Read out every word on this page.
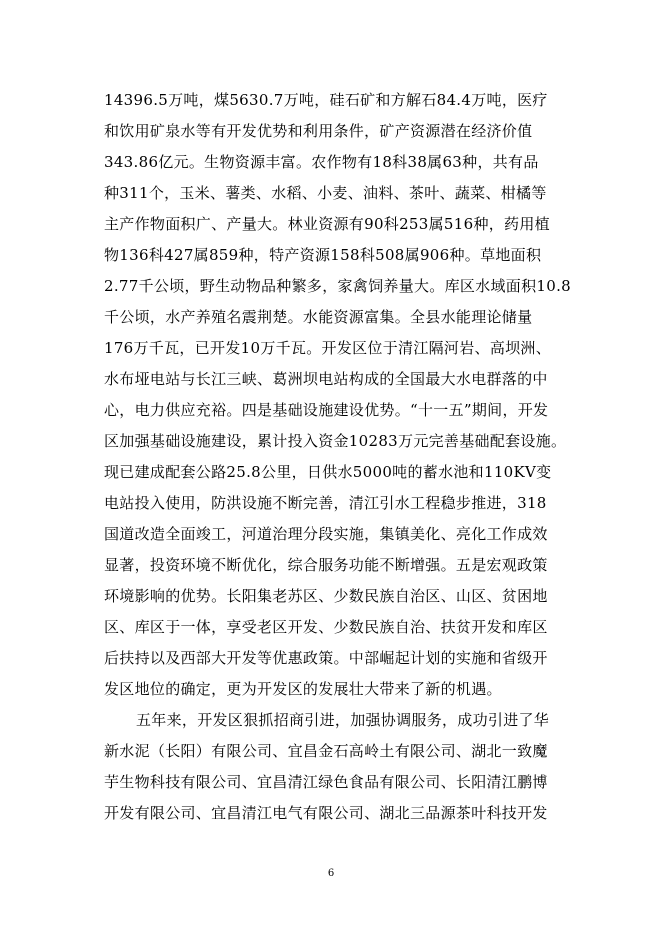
14396.5万吨，煤5630.7万吨，硅石矿和方解石84.4万吨，医疗
和饮用矿泉水等有开发优势和利用条件，矿产资源潜在经济价值
343.86亿元。生物资源丰富。农作物有18科38属63种，共有品
种311个，玉米、薯类、水稻、小麦、油料、茶叶、蔬菜、柑橘等
主产作物面积广、产量大。林业资源有90科253属516种，药用植
物136科427属859种，特产资源158科508属906种。草地面积
2.77千公顷，野生动物品种繁多，家禽饲养量大。库区水域面积10.8
千公顷，水产养殖名震荆楚。水能资源富集。全县水能理论储量
176万千瓦，已开发10万千瓦。开发区位于清江隔河岩、高坝洲、
水布垭电站与长江三峡、葛洲坝电站构成的全国最大水电群落的中
心，电力供应充裕。四是基础设施建设优势。“十一五”期间，开发
区加强基础设施建设，累计投入资金10283万元完善基础配套设施。
现已建成配套公路25.8公里，日供水5000吨的蓄水池和110KV变
电站投入使用，防洪设施不断完善，清江引水工程稳步推进，318
国道改造全面竣工，河道治理分段实施，集镇美化、亮化工作成效
显著，投资环境不断优化，综合服务功能不断增强。五是宏观政策
环境影响的优势。长阳集老苏区、少数民族自治区、山区、贫困地
区、库区于一体，享受老区开发、少数民族自治、扶贫开发和库区
后扶持以及西部大开发等优惠政策。中部崛起计划的实施和省级开
发区地位的确定，更为开发区的发展壮大带来了新的机遇。
五年来，开发区狠抓招商引进，加强协调服务，成功引进了华
新水泥（长阳）有限公司、宜昌金石高岭土有限公司、湖北一致魔
芋生物科技有限公司、宜昌清江绿色食品有限公司、长阳清江鹏博
开发有限公司、宜昌清江电气有限公司、湖北三品源茶叶科技开发
6
